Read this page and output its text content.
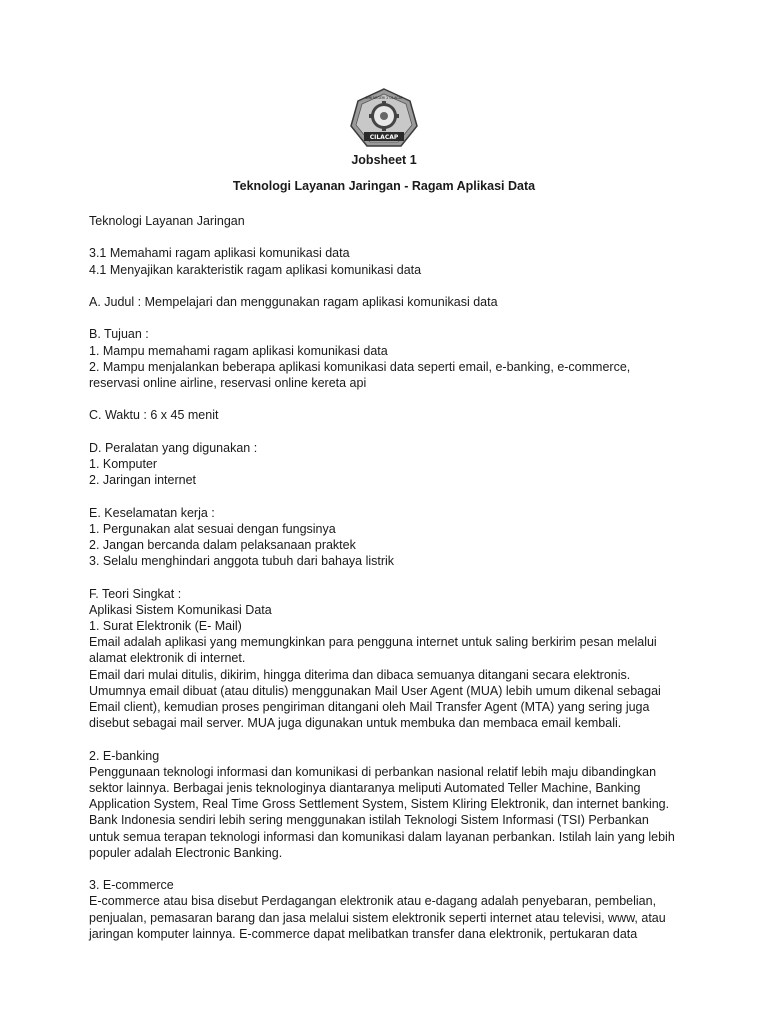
SMK NEGERI 2 CILACAP
CILACAP
Jobsheet 1
Teknologi Layanan Jaringan - Ragam Aplikasi Data

Teknologi Layanan Jaringan

3.1 Memahami ragam aplikasi komunikasi data

4.1 Menyajikan karakteristik ragam aplikasi komunikasi data

A. Judul : Mempelajari dan menggunakan ragam aplikasi komunikasi data

B. Tujuan :

1. Mampu memahami ragam aplikasi komunikasi data

2. Mampu menjalankan beberapa aplikasi komunikasi data seperti email, e-banking, e-commerce,

reservasi online airline, reservasi online kereta api

C. Waktu : 6 x 45 menit

D. Peralatan yang digunakan :

1. Komputer

2. Jaringan internet

E. Keselamatan kerja :

1. Pergunakan alat sesuai dengan fungsinya

2. Jangan bercanda dalam pelaksanaan praktek

3. Selalu menghindari anggota tubuh dari bahaya listrik

F. Teori Singkat :

Aplikasi Sistem Komunikasi Data

1. Surat Elektronik (E- Mail)

Email adalah aplikasi yang memungkinkan para pengguna internet untuk saling berkirim pesan melalui

alamat elektronik di internet.

Email dari mulai ditulis, dikirim, hingga diterima dan dibaca semuanya ditangani secara elektronis.

Umumnya email dibuat (atau ditulis) menggunakan Mail User Agent (MUA) lebih umum dikenal sebagai

Email client), kemudian proses pengiriman ditangani oleh Mail Transfer Agent (MTA) yang sering juga

disebut sebagai mail server. MUA juga digunakan untuk membuka dan membaca email kembali.

2. E-banking

Penggunaan teknologi informasi dan komunikasi di perbankan nasional relatif lebih maju dibandingkan

sektor lainnya. Berbagai jenis teknologinya diantaranya meliputi Automated Teller Machine, Banking

Application System, Real Time Gross Settlement System, Sistem Kliring Elektronik, dan internet banking.

Bank Indonesia sendiri lebih sering menggunakan istilah Teknologi Sistem Informasi (TSI) Perbankan

untuk semua terapan teknologi informasi dan komunikasi dalam layanan perbankan. Istilah lain yang lebih

populer adalah Electronic Banking.

3. E-commerce

E-commerce atau bisa disebut Perdagangan elektronik atau e-dagang adalah penyebaran, pembelian,

penjualan, pemasaran barang dan jasa melalui sistem elektronik seperti internet atau televisi, www, atau

jaringan komputer lainnya. E-commerce dapat melibatkan transfer dana elektronik, pertukaran data
